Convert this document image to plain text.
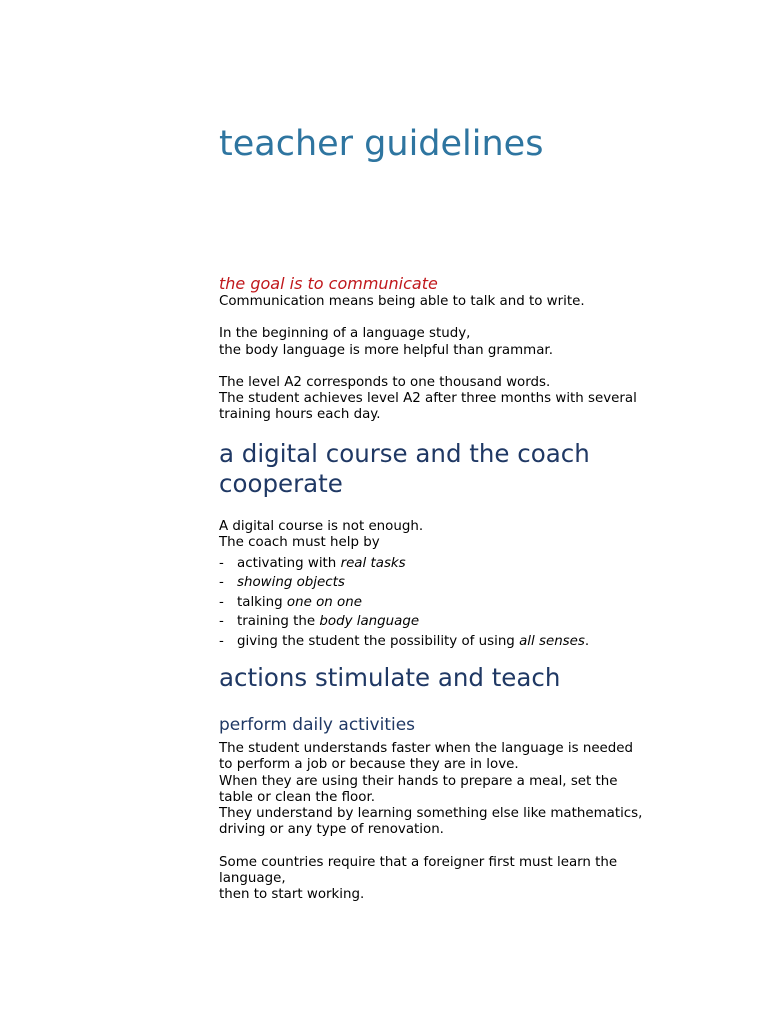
teacher guidelines
the goal is to communicate

Communication means being able to talk and to write.

In the beginning of a language study,

the body language is more helpful than grammar.

The level A2 corresponds to one thousand words.

The student achieves level A2 after three months with several

training hours each day.

a digital course and the coach
cooperate

A digital course is not enough.

The coach must help by

- activating with real tasks
- showing objects
- talking one on one
- training the body language
- giving the student the possibility of using all senses.
actions stimulate and teach
perform daily activities

The student understands faster when the language is needed

to perform a job or because they are in love.

When they are using their hands to prepare a meal, set the

table or clean the floor.

They understand by learning something else like mathematics,

driving or any type of renovation.

Some countries require that a foreigner first must learn the

language,

then to start working.
